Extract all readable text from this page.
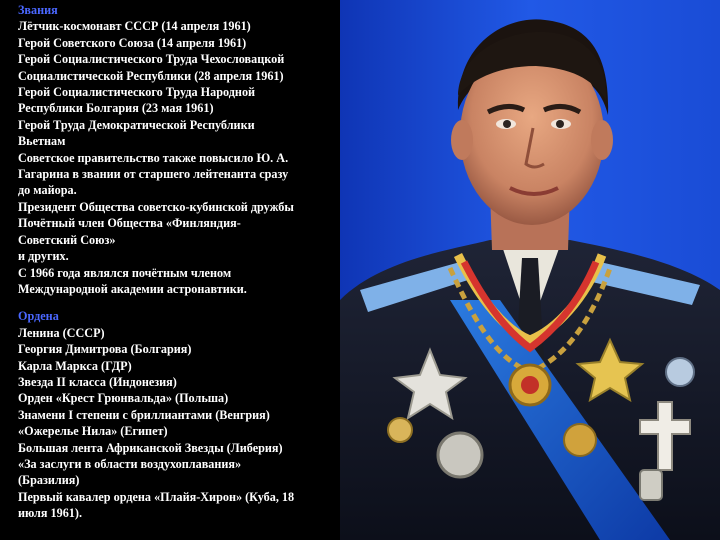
Звания
Лётчик-космонавт СССР (14 апреля 1961)
Герой Советского Союза (14 апреля 1961)
Герой Социалистического Труда Чехословацкой
Социалистической Республики (28 апреля 1961)
Герой Социалистического Труда Народной
Республики Болгария (23 мая 1961)
Герой Труда Демократической Республики
Вьетнам
Советское правительство также повысило Ю. А.
Гагарина в звании от старшего лейтенанта сразу
до майора.
Президент Общества советско-кубинской дружбы
Почётный член Общества «Финляндия-
Советский Союз»
и других.
С 1966 года являлся почётным членом
Международной академии астронавтики.
Ордена
Ленина (СССР)
Георгия Димитрова (Болгария)
Карла Маркса (ГДР)
Звезда II класса (Индонезия)
Орден «Крест Грюнвальда» (Польша)
Знамени I степени с бриллиантами (Венгрия)
«Ожерелье Нила» (Египет)
Большая лента Африканской Звезды (Либерия)
«За заслуги в области воздухоплавания»
(Бразилия)
Первый кавалер ордена «Плайя-Хирон» (Куба, 18
июля 1961).
